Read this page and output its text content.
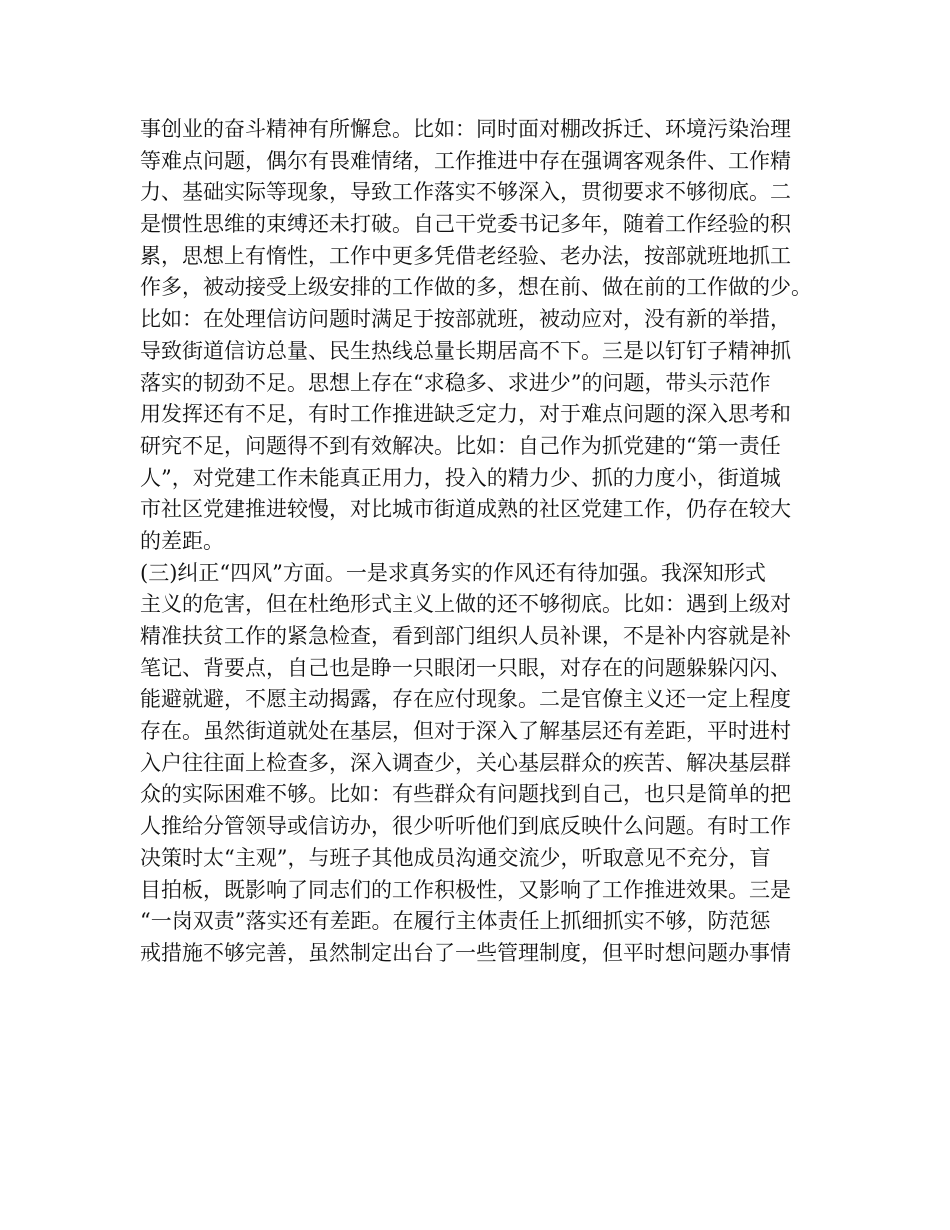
事创业的奋斗精神有所懈怠。比如：同时面对棚改拆迁、环境污染治理
等难点问题，偶尔有畏难情绪，工作推进中存在强调客观条件、工作精
力、基础实际等现象，导致工作落实不够深入，贯彻要求不够彻底。二
是惯性思维的束缚还未打破。自己干党委书记多年，随着工作经验的积
累，思想上有惰性，工作中更多凭借老经验、老办法，按部就班地抓工
作多，被动接受上级安排的工作做的多，想在前、做在前的工作做的少。
比如：在处理信访问题时满足于按部就班，被动应对，没有新的举措，
导致街道信访总量、民生热线总量长期居高不下。三是以钉钉子精神抓
落实的韧劲不足。思想上存在“求稳多、求进少”的问题，带头示范作
用发挥还有不足，有时工作推进缺乏定力，对于难点问题的深入思考和
研究不足，问题得不到有效解决。比如：自己作为抓党建的“第一责任
人”，对党建工作未能真正用力，投入的精力少、抓的力度小，街道城
市社区党建推进较慢，对比城市街道成熟的社区党建工作，仍存在较大
的差距。
(三)纠正“四风”方面。一是求真务实的作风还有待加强。我深知形式
主义的危害，但在杜绝形式主义上做的还不够彻底。比如：遇到上级对
精准扶贫工作的紧急检查，看到部门组织人员补课，不是补内容就是补
笔记、背要点，自己也是睁一只眼闭一只眼，对存在的问题躲躲闪闪、
能避就避，不愿主动揭露，存在应付现象。二是官僚主义还一定上程度
存在。虽然街道就处在基层，但对于深入了解基层还有差距，平时进村
入户往往面上检查多，深入调查少，关心基层群众的疾苦、解决基层群
众的实际困难不够。比如：有些群众有问题找到自己，也只是简单的把
人推给分管领导或信访办，很少听听他们到底反映什么问题。有时工作
决策时太“主观”，与班子其他成员沟通交流少，听取意见不充分，盲
目拍板，既影响了同志们的工作积极性，又影响了工作推进效果。三是
“一岗双责”落实还有差距。在履行主体责任上抓细抓实不够，防范惩
戒措施不够完善，虽然制定出台了一些管理制度，但平时想问题办事情
